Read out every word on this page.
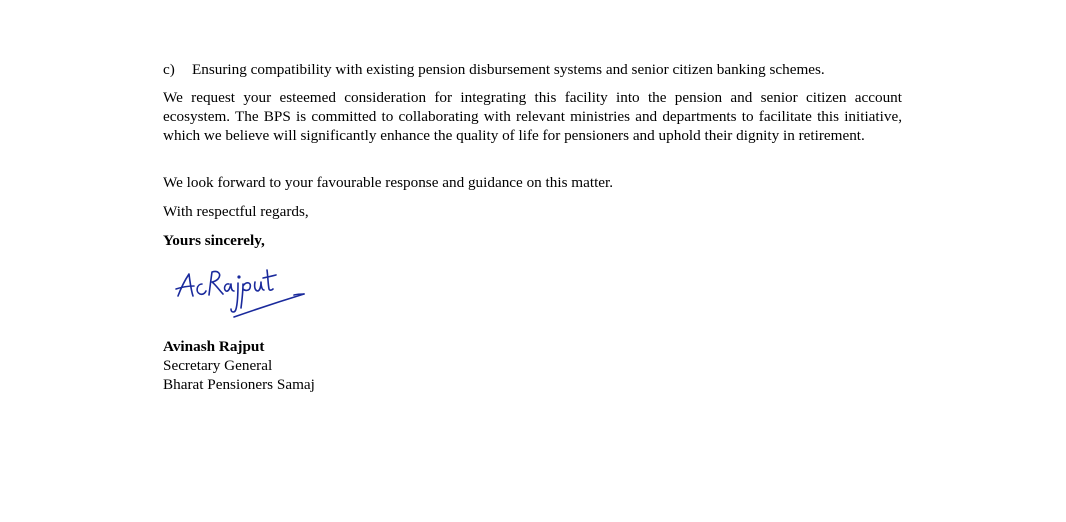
c) Ensuring compatibility with existing pension disbursement systems and senior citizen banking schemes.
We request your esteemed consideration for integrating this facility into the pension and senior citizen account ecosystem. The BPS is committed to collaborating with relevant ministries and departments to facilitate this initiative, which we believe will significantly enhance the quality of life for pensioners and uphold their dignity in retirement.
We look forward to your favourable response and guidance on this matter.
With respectful regards,
Yours sincerely,
Avinash Rajput
Secretary General
Bharat Pensioners Samaj
